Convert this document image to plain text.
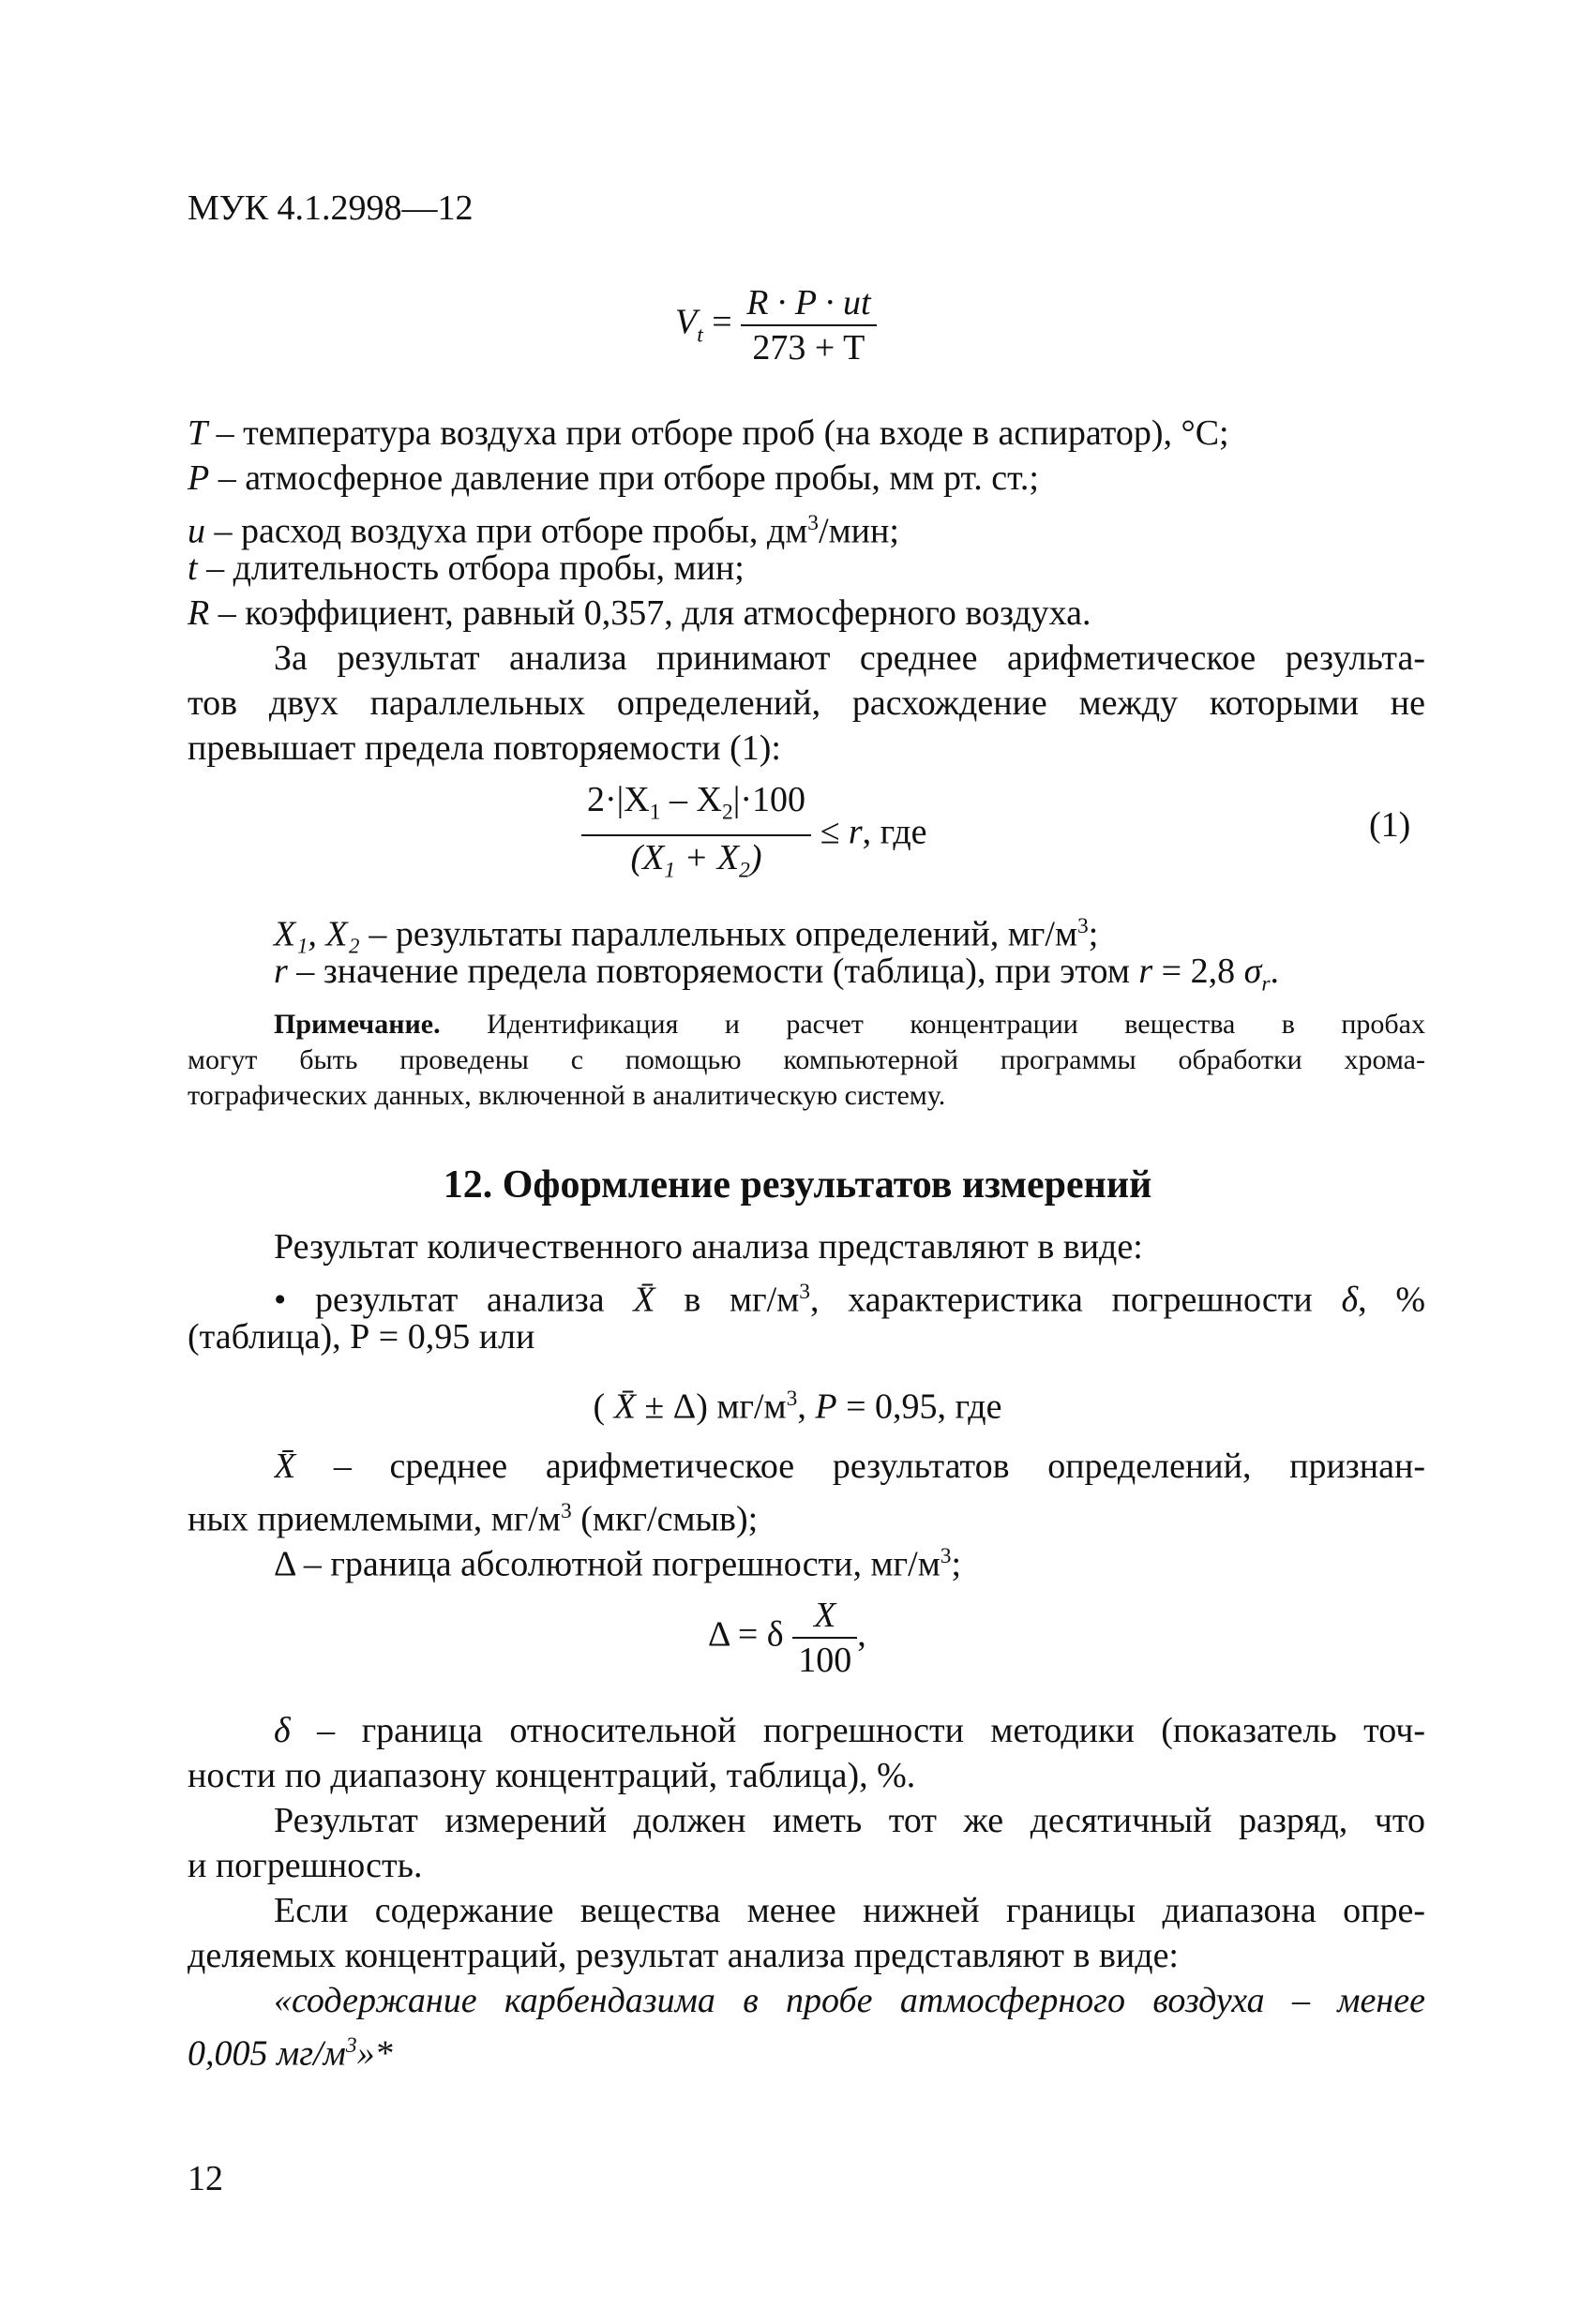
МУК 4.1.2998—12
$V_t = \frac{R \cdot P \cdot ut}{273 + T}$
T – температура воздуха при отборе проб (на входе в аспиратор), °С;
P – атмосферное давление при отборе пробы, мм рт. ст.;
u – расход воздуха при отборе пробы, $дм^3$/мин;
t – длительность отбора пробы, мин;
R – коэффициент, равный 0,357, для атмосферного воздуха.
За результат анализа принимают среднее арифметическое результа-
тов двух параллельных определений, расхождение между которыми не
превышает предела повторяемости (1):
$\frac{2\cdot|X_1 - X_2|\cdot 100}{(X_1 + X_2)} \le r$, где	(1)
X₁, X₂ – результаты параллельных определений, $мг/м^3$;
r – значение предела повторяемости (таблица), при этом r = 2,8 $\sigma_r$.
Примечание. Идентификация и расчет концентрации вещества в пробах
могут быть проведены с помощью компьютерной программы обработки хрома-
тографических данных, включенной в аналитическую систему.
12. Оформление результатов измерений
Результат количественного анализа представляют в виде:
• результат анализа X̄ в $мг/м^3$, характеристика погрешности δ, %
(таблица), Р = 0,95 или
( X̄ ± Δ) $мг/м^3$, P = 0,95, где
X̄ – среднее арифметическое результатов определений, признан-
ных приемлемыми, $мг/м^3$ (мкг/смыв);
Δ – граница абсолютной погрешности, $мг/м^3$;
Δ = δ $\frac{X}{100}$ ,
δ – граница относительной погрешности методики (показатель точ-
ности по диапазону концентраций, таблица), %.
Результат измерений должен иметь тот же десятичный разряд, что
и погрешность.
Если содержание вещества менее нижней границы диапазона опре-
деляемых концентраций, результат анализа представляют в виде:
«содержание карбендазима в пробе атмосферного воздуха – менее
0,005 $мг/м^3»*$
12
